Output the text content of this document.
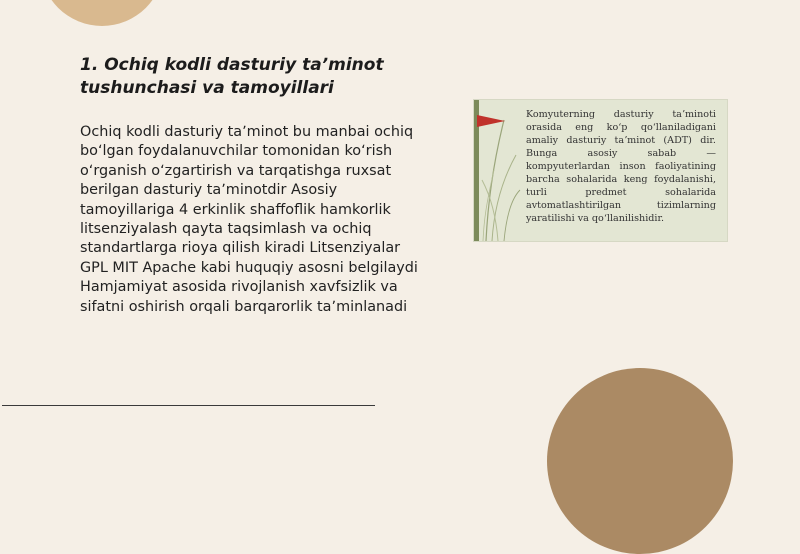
1. Ochiq kodli dasturiy taʼminot tushunchasi va tamoyillari

Ochiq kodli dasturiy taʼminot bu manbai ochiq boʻlgan foydalanuvchilar tomonidan koʻrish oʻrganish oʻzgartirish va tarqatishga ruxsat berilgan dasturiy taʼminotdir Asosiy tamoyillariga 4 erkinlik shaffoflik hamkorlik litsenziyalash qayta taqsimlash va ochiq standartlarga rioya qilish kiradi Litsenziyalar GPL MIT Apache kabi huquqiy asosni belgilaydi Hamjamiyat asosida rivojlanish xavfsizlik va sifatni oshirish orqali barqarorlik taʼminlanadi

Komyuterning dasturiy taʼminoti orasida eng koʻp qoʻllaniladigani amaliy dasturiy taʼminot (ADT) dir. Bunga asosiy sabab — kompyuterlardan inson faoliyatining barcha sohalarida keng foydalanishi, turli predmet sohalarida avtomatlashtirilgan tizimlarning yaratilishi va qoʻllanilishidir.
